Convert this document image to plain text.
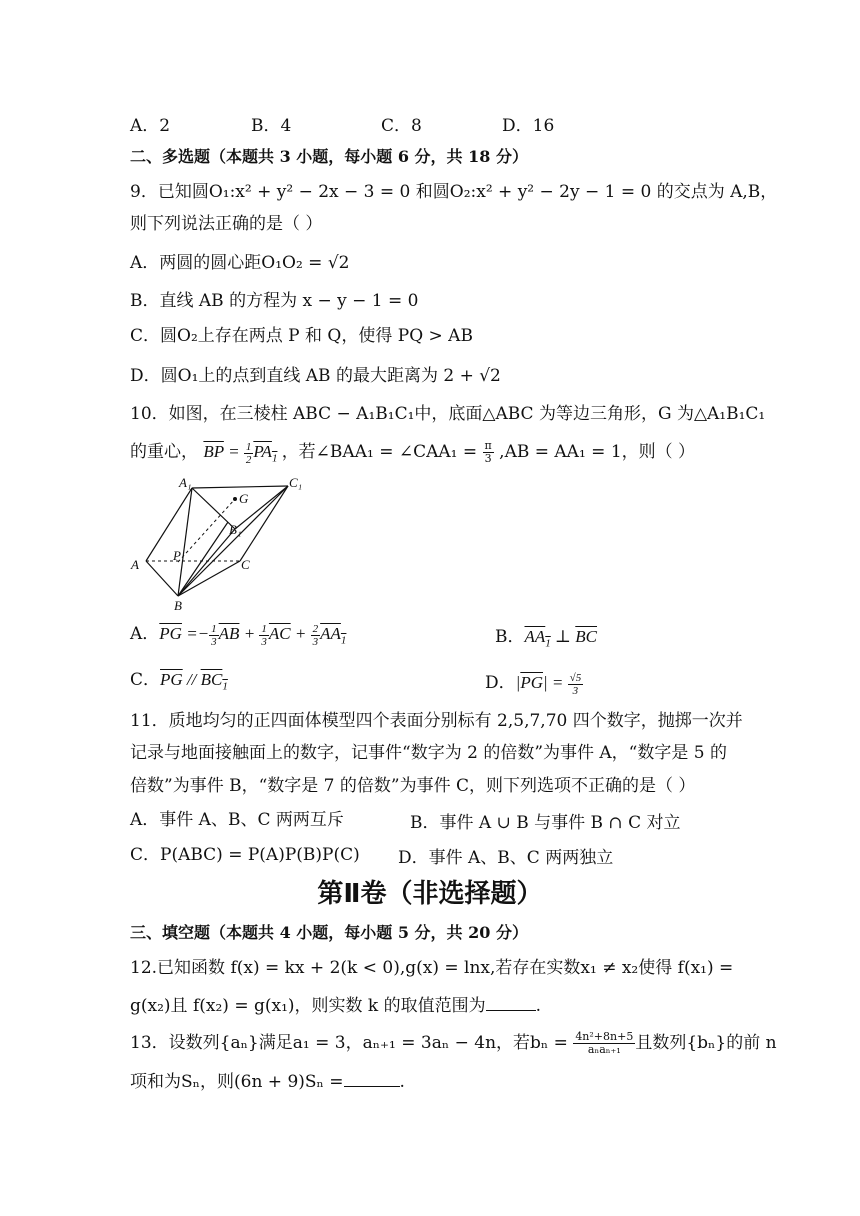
A．2	B．4	C．8	D．16
二、多选题（本题共 3 小题，每小题 6 分，共 18 分）
9．已知圆O₁:x² + y² − 2x − 3 = 0 和圆O₂:x² + y² − 2y − 1 = 0 的交点为 A,B，
则下列说法正确的是（ ）
A．两圆的圆心距O₁O₂ = √2
B．直线 AB 的方程为 x − y − 1 = 0
C．圆O₂上存在两点 P 和 Q，使得 PQ > AB
D．圆O₁上的点到直线 AB 的最大距离为 2 + √2
10．如图，在三棱柱 ABC − A₁B₁C₁中，底面△ABC 为等边三角形，G 为△A₁B₁C₁
的重心， $\overline{BP} = \frac{1}{2} PA_1$ ，若∠BAA₁ = ∠CAA₁ = $\frac{\pi}{3} ,AB = AA_1 = 1$，则（ ）
A₁	C₁
G
B₁
P
A	C
B
A．$\overline{PG} =- \frac{1}{3} \overline{AB} + \frac{1}{3} \overline{AC} + \frac{2}{3} AA_1$	B．$AA_1$ ⊥ $\overline{BC}$
C．$\overline{PG} // BC_1$	D．$|\overline{PG}| = \frac{√5}{3}$
11．质地均匀的正四面体模型四个表面分别标有 2,5,7,70 四个数字，抛掷一次并
记录与地面接触面上的数字，记事件“数字为 2 的倍数”为事件 A，“数字是 5 的
倍数”为事件 B，“数字是 7 的倍数”为事件 C，则下列选项不正确的是（ ）
A．事件 A、B、C 两两互斥	B．事件 A ∪ B 与事件 B ∩ C 对立
C．P(ABC) = P(A)P(B)P(C) D．事件 A、B、C 两两独立
第Ⅱ卷（非选择题）
三、填空题（本题共 4 小题，每小题 5 分，共 20 分）
12.已知函数 f(x) = kx + 2(k < 0),g(x) = lnx,若存在实数x₁ ≠ x₂使得 f(x₁) =
g(x₂)且 f(x₂) = g(x₁)，则实数 k 的取值范围为	.
13．设数列{aₙ}满足a₁ = 3，aₙ₊₁ = 3aₙ − 4n，若$b_n = \frac{\text{4n²+8n+5}}{\text{aₙaₙ₊₁}}$ 且数列{bₙ}的前 n
项和为Sₙ，则(6n + 9)Sₙ =	.
